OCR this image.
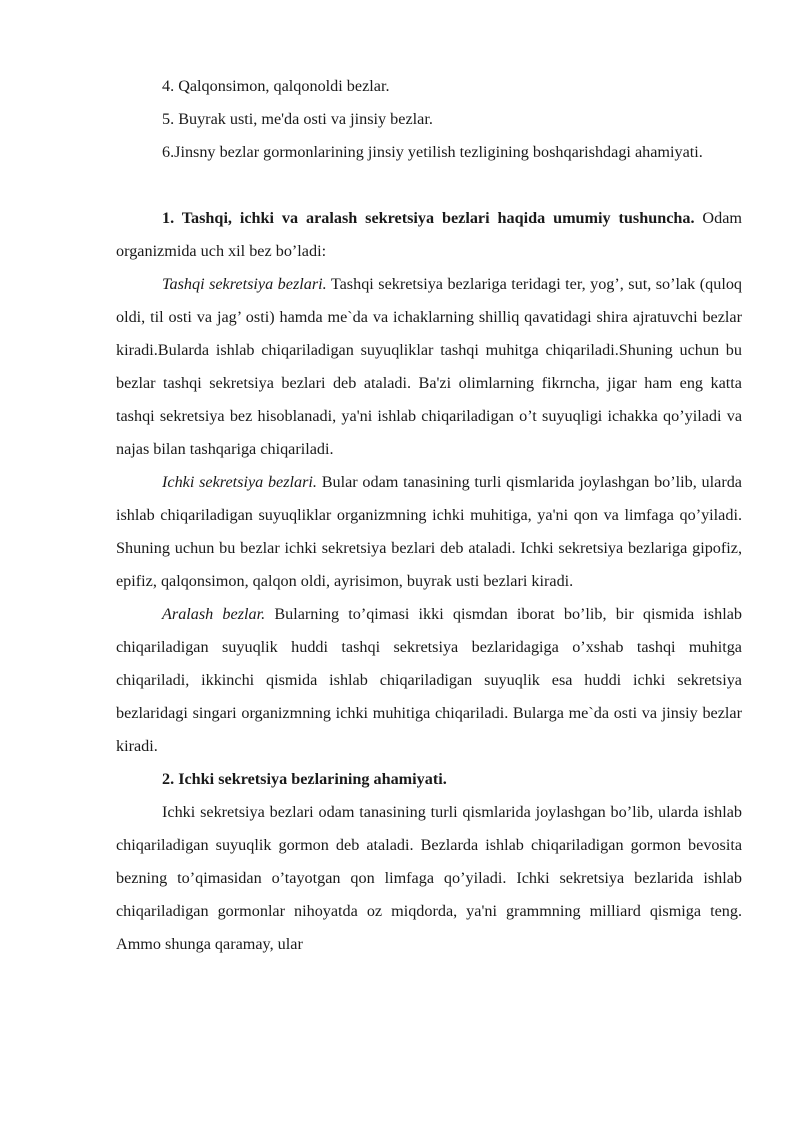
4. Qalqonsimon, qalqonoldi bezlar.

5. Buyrak usti, me'da osti va jinsiy bezlar.

6.Jinsny bezlar gormonlarining jinsiy yetilish tezligining boshqarishdagi ahamiyati.

1. Tashqi, ichki va aralash sekretsiya bezlari haqida umumiy tushuncha. Odam organizmida uch xil bez bo’ladi:

Tashqi sekretsiya bezlari. Tashqi sekretsiya bezlariga teridagi ter, yog’, sut, so’lak (quloq oldi, til osti va jag’ osti) hamda me`da va ichaklarning shilliq qavatidagi shira ajratuvchi bezlar kiradi.Bularda ishlab chiqariladigan suyuqliklar tashqi muhitga chiqariladi.Shuning uchun bu bezlar tashqi sekretsiya bezlari deb ataladi. Ba'zi olimlarning fikrncha, jigar ham eng katta tashqi sekretsiya bez hisoblanadi, ya'ni ishlab chiqariladigan o’t suyuqligi ichakka qo’yiladi va najas bilan tashqariga chiqariladi.

Ichki sekretsiya bezlari. Bular odam tanasining turli qismlarida joylashgan bo’lib, ularda ishlab chiqariladigan suyuqliklar organizmning ichki muhitiga, ya'ni qon va limfaga qo’yiladi. Shuning uchun bu bezlar ichki sekretsiya bezlari deb ataladi. Ichki sekretsiya bezlariga gipofiz, epifiz, qalqonsimon, qalqon oldi, ayrisimon, buyrak usti bezlari kiradi.

Aralash bezlar. Bularning to’qimasi ikki qismdan iborat bo’lib, bir qismida ishlab chiqariladigan suyuqlik huddi tashqi sekretsiya bezlaridagiga o’xshab tashqi muhitga chiqariladi, ikkinchi qismida ishlab chiqariladigan suyuqlik esa huddi ichki sekretsiya bezlaridagi singari organizmning ichki muhitiga chiqariladi. Bularga me`da osti va jinsiy bezlar kiradi.

2. Ichki sekretsiya bezlarining ahamiyati.

Ichki sekretsiya bezlari odam tanasining turli qismlarida joylashgan bo’lib, ularda ishlab chiqariladigan suyuqlik gormon deb ataladi. Bezlarda ishlab chiqariladigan gormon bevosita bezning to’qimasidan o’tayotgan qon limfaga qo’yiladi. Ichki sekretsiya bezlarida ishlab chiqariladigan gormonlar nihoyatda oz miqdorda, ya'ni grammning milliard qismiga teng. Ammo shunga qaramay, ular
